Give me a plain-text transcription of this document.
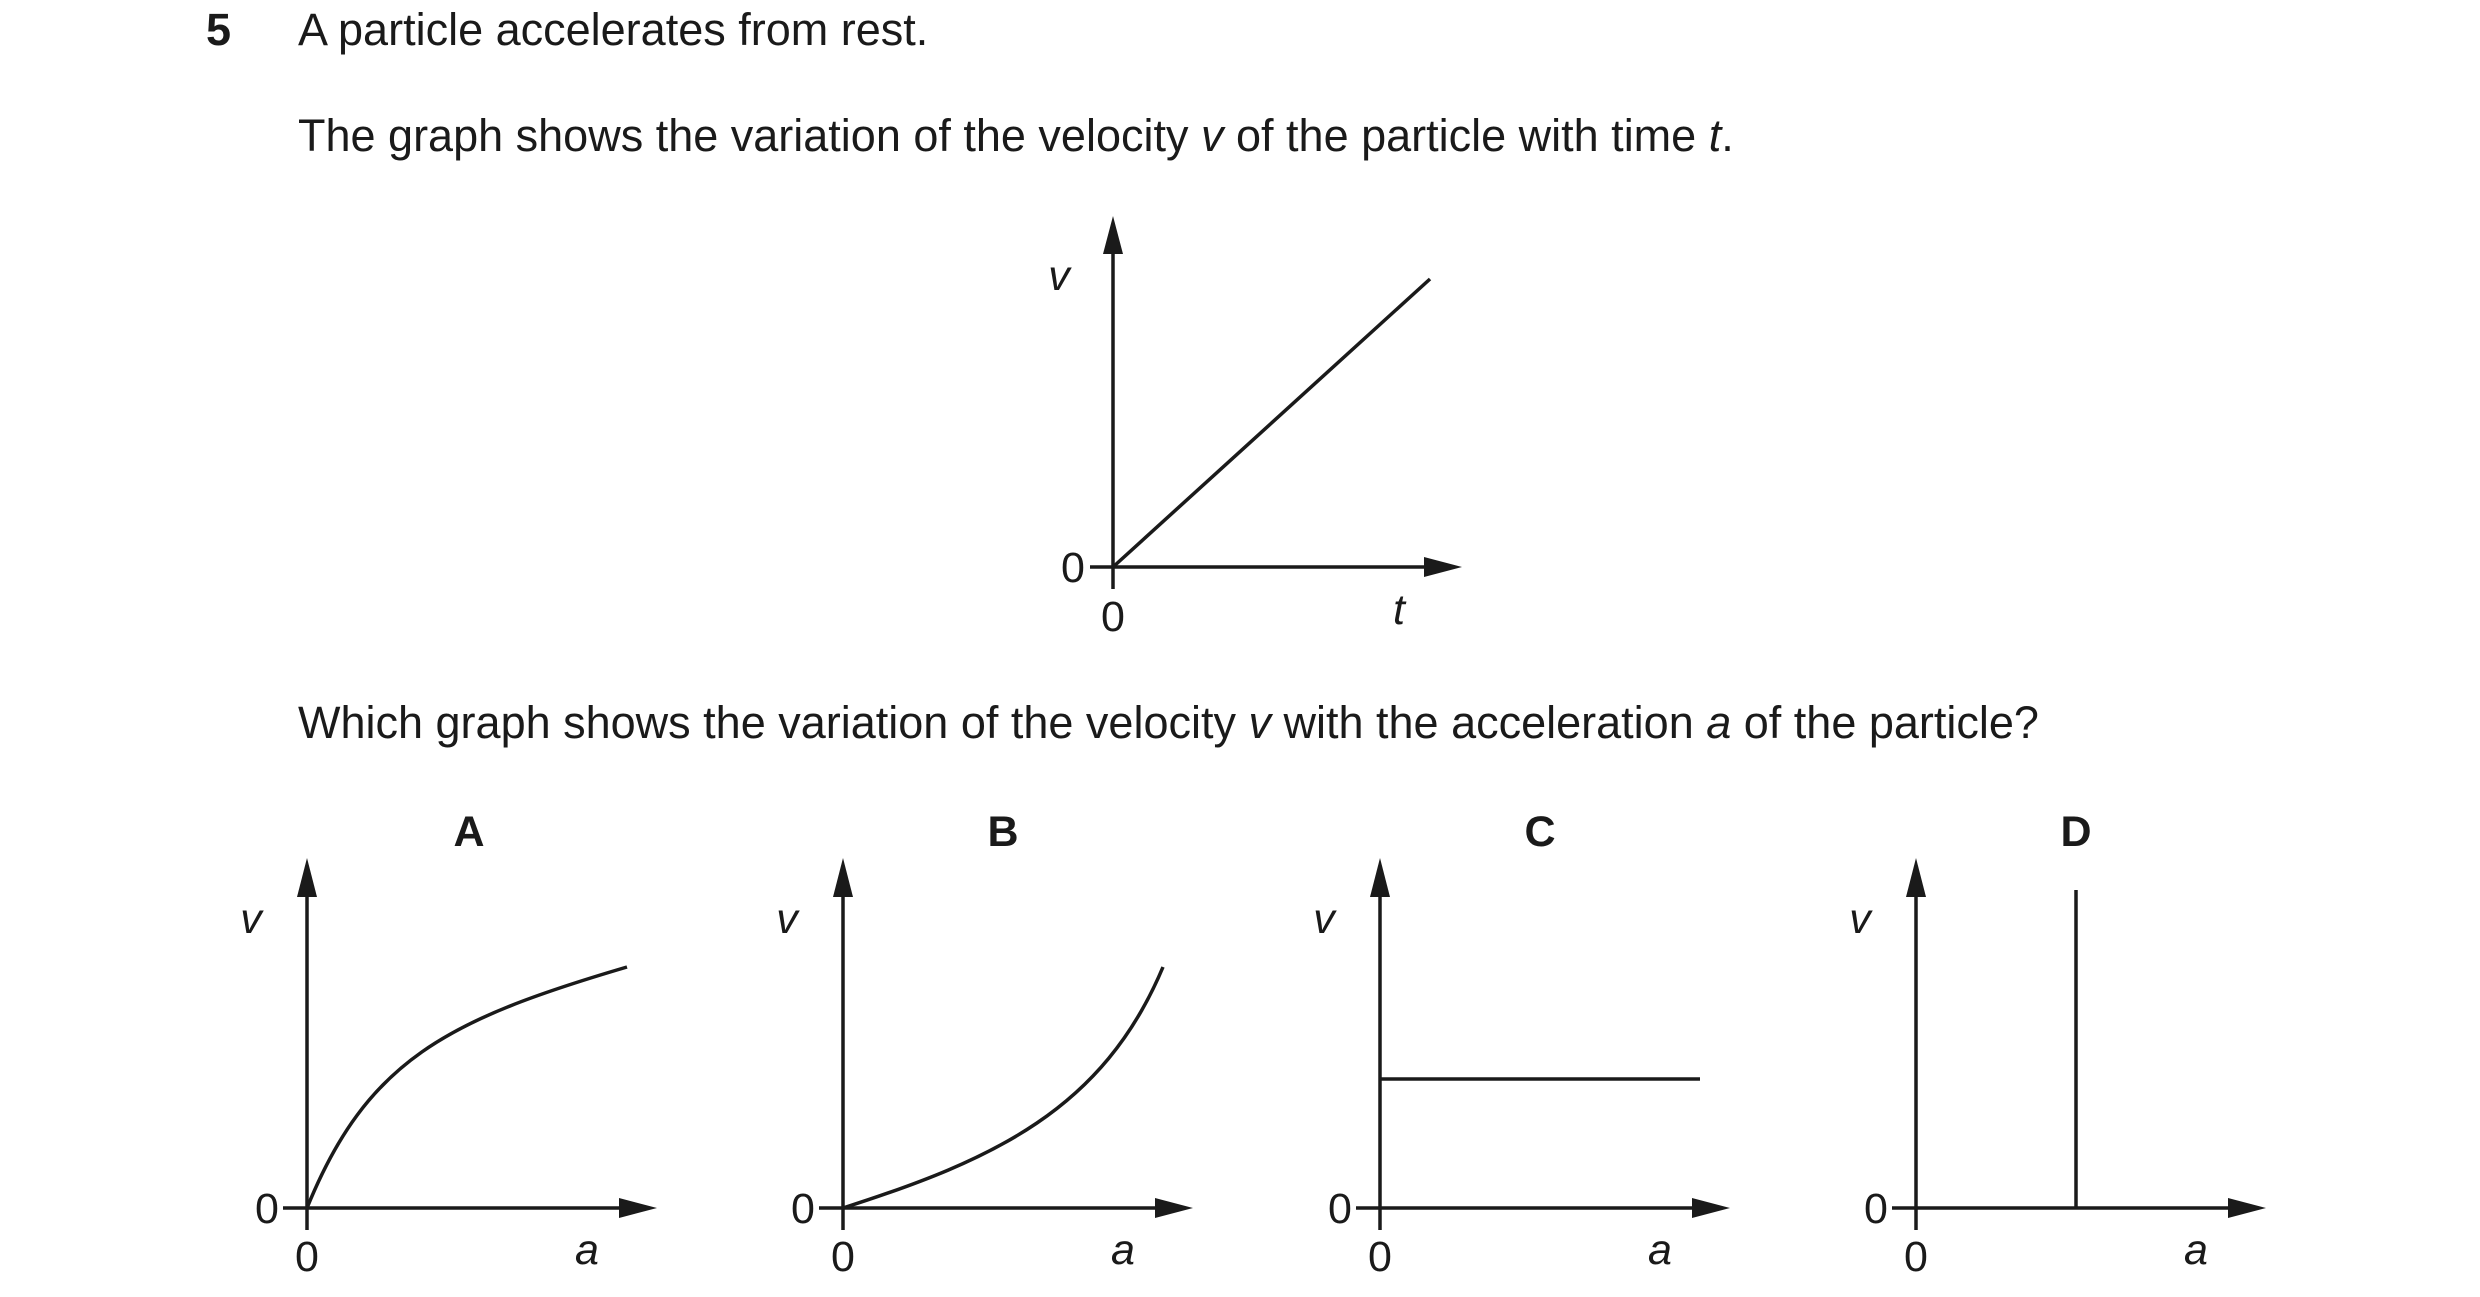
5 A particle accelerates from rest.
The graph shows the variation of the velocity v of the particle with time t.
Which graph shows the variation of the velocity v with the acceleration a of the particle?
v
0
0	t
A
v
0
0	a
B
v
0
0	a
C
v
0
0	a
D
v
0
0	a
